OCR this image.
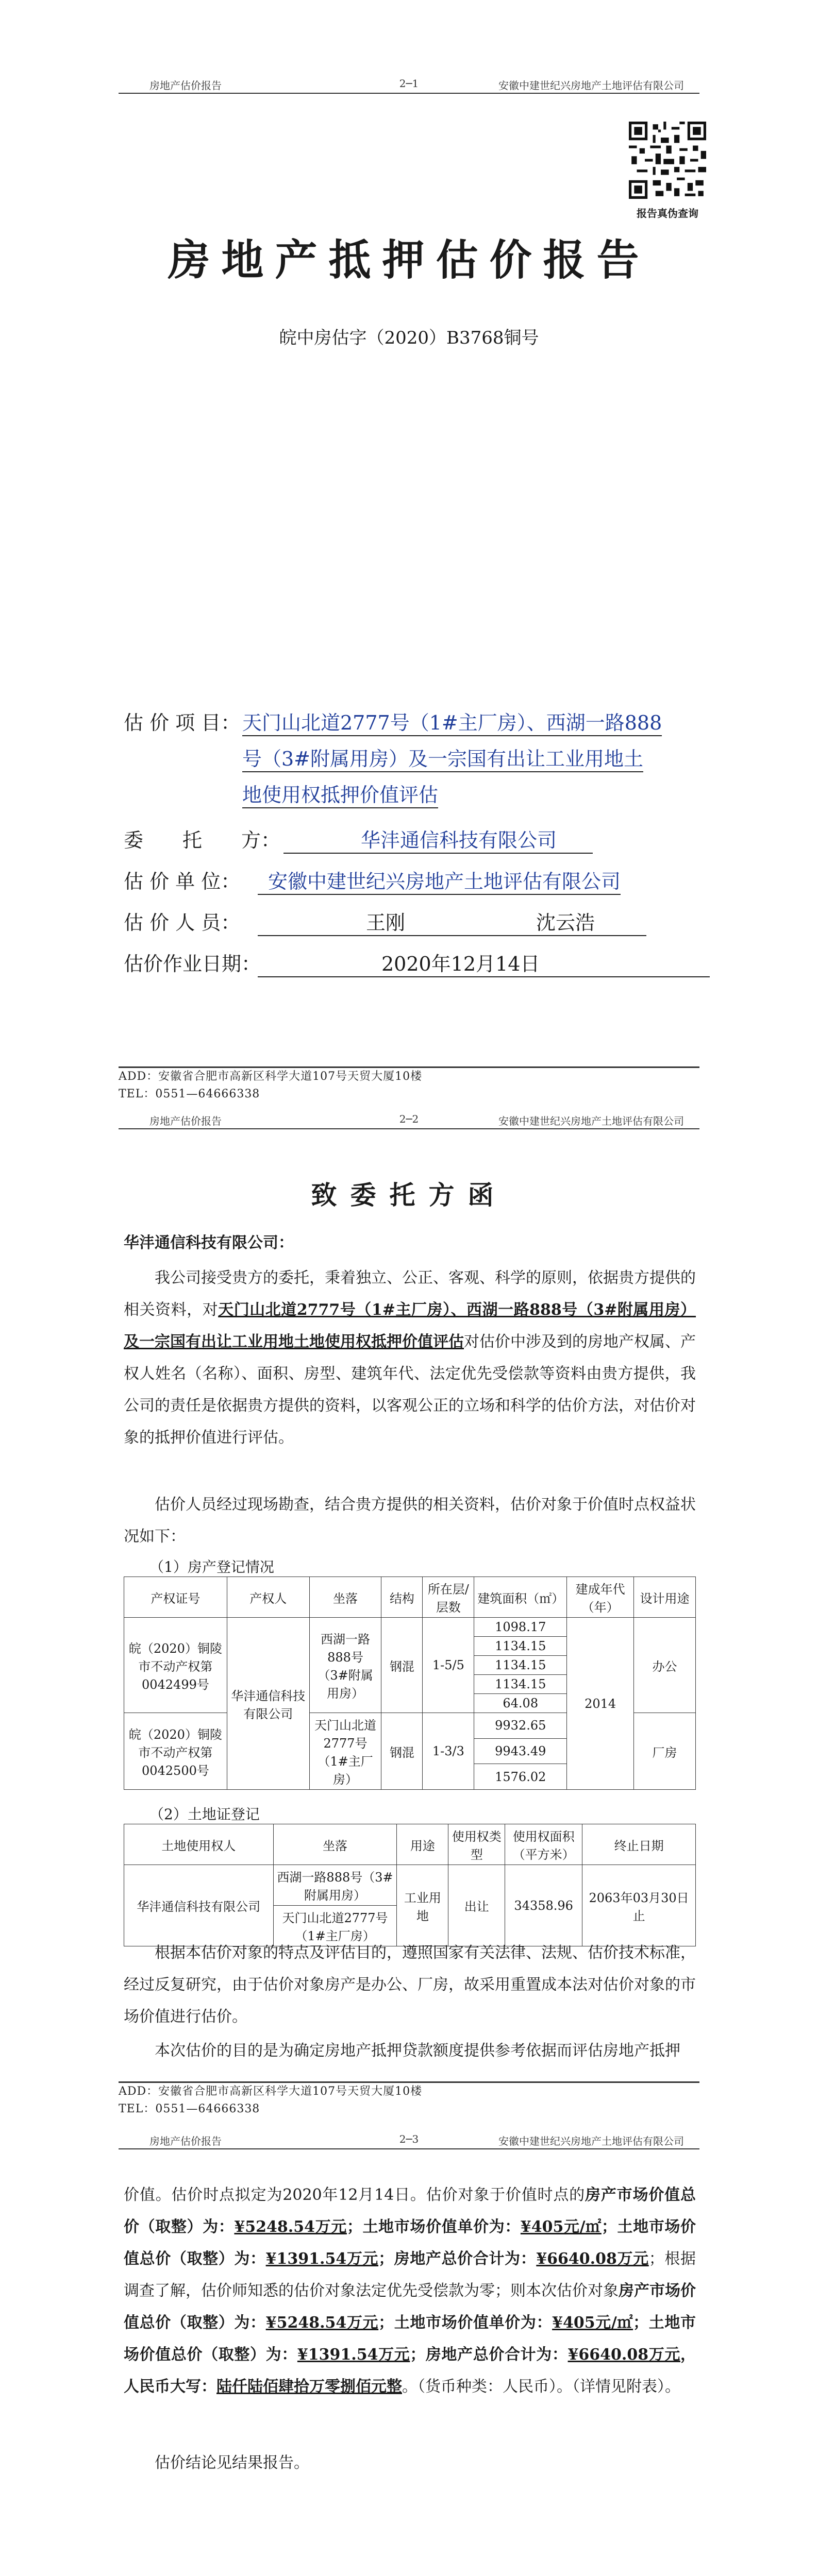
房地产估价报告	2─1	安徽中建世纪兴房地产土地评估有限公司
报告真伪查询
房地产抵押估价报告
皖中房估字（2020）B3768铜号
估 价 项 目： 天门山北道2777号（1#主厂房）、西湖一路888
号（3#附属用房）及一宗国有出让工业用地土
地使用权抵押价值评估
委　　托　　方：	华沣通信科技有限公司
估 价 单 位：	安徽中建世纪兴房地产土地评估有限公司
估 价 人 员：	王刚	沈云浩
估价作业日期：	2020年12月14日
ADD：安徽省合肥市高新区科学大道107号天贸大厦10楼
TEL：0551—64666338
房地产估价报告	2─2	安徽中建世纪兴房地产土地评估有限公司
致委托方函
华沣通信科技有限公司：
我公司接受贵方的委托，秉着独立、公正、客观、科学的原则，依据贵方提供的相关资料，对天门山北道2777号（1#主厂房）、西湖一路888号（3#附属用房）及一宗国有出让工业用地土地使用权抵押价值评估对估价中涉及到的房地产权属、产权人姓名（名称）、面积、房型、建筑年代、法定优先受偿款等资料由贵方提供，我公司的责任是依据贵方提供的资料，以客观公正的立场和科学的估价方法，对估价对象的抵押价值进行评估。
估价人员经过现场勘查，结合贵方提供的相关资料，估价对象于价值时点权益状况如下：
（1）房产登记情况
产权证号	产权人	坐落	结构	所在层/层数	建筑面积（㎡）	建成年代（年）	设计用途
皖（2020）铜陵市不动产权第0042499号	华沣通信科技有限公司	西湖一路888号（3#附属用房）	钢混	1-5/5	1098.17	2014	办公
					1134.15		
					1134.15		
					1134.15		
					64.08		
皖（2020）铜陵市不动产权第0042500号		天门山北道2777号（1#主厂房）	钢混	1-3/3	9932.65		厂房
					9943.49		
					1576.02		
（2）土地证登记
土地使用权人	坐落	用途	使用权类型	使用权面积（平方米）	终止日期
华沣通信科技有限公司	西湖一路888号（3#附属用房）	工业用地	出让	34358.96	2063年03月30日止
	天门山北道2777号（1#主厂房）				
根据本估价对象的特点及评估目的，遵照国家有关法律、法规、估价技术标准，经过反复研究，由于估价对象房产是办公、厂房，故采用重置成本法对估价对象的市场价值进行估价。
本次估价的目的是为确定房地产抵押贷款额度提供参考依据而评估房地产抵押
ADD：安徽省合肥市高新区科学大道107号天贸大厦10楼
TEL：0551—64666338
房地产估价报告	2─3	安徽中建世纪兴房地产土地评估有限公司
价值。估价时点拟定为2020年12月14日。估价对象于价值时点的房产市场价值总价（取整）为：¥5248.54万元；土地市场价值单价为：¥405元/㎡；土地市场价值总价（取整）为：¥1391.54万元；房地产总价合计为：¥6640.08万元；根据调查了解，估价师知悉的估价对象法定优先受偿款为零；则本次估价对象房产市场价值总价（取整）为：¥5248.54万元；土地市场价值单价为：¥405元/㎡；土地市场价值总价（取整）为：¥1391.54万元；房地产总价合计为：¥6640.08万元，人民币大写：陆仟陆佰肆拾万零捌佰元整。（货币种类：人民币）。（详情见附表）。
估价结论见结果报告。
